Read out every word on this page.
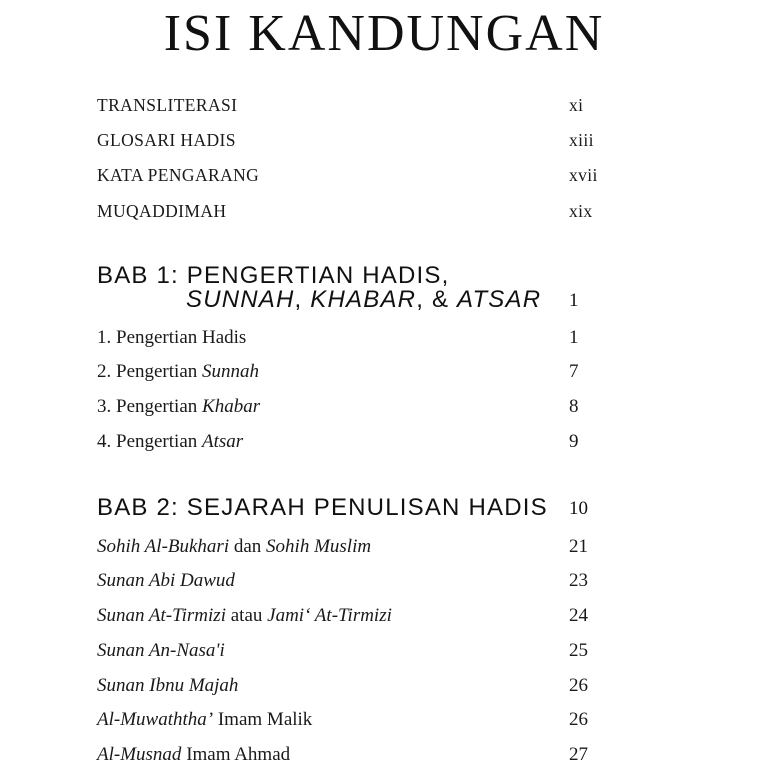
ISI KANDUNGAN
TRANSLITERASI	xi
GLOSARI HADIS	xiii
KATA PENGARANG	xvii
MUQADDIMAH	xix
BAB 1: PENGERTIAN HADIS,
SUNNAH, KHABAR, & ATSAR 1
1. Pengertian Hadis	1
2. Pengertian Sunnah	7
3. Pengertian Khabar	8
4. Pengertian Atsar	9
BAB 2: SEJARAH PENULISAN HADIS 10
Sohih Al-Bukhari dan Sohih Muslim	21
Sunan Abi Dawud	23
Sunan At-Tirmizi atau Jami‘ At-Tirmizi	24
Sunan An-Nasa'i	25
Sunan Ibnu Majah	26
Al-Muwaththa’ Imam Malik	26
Al-Musnad Imam Ahmad	27
